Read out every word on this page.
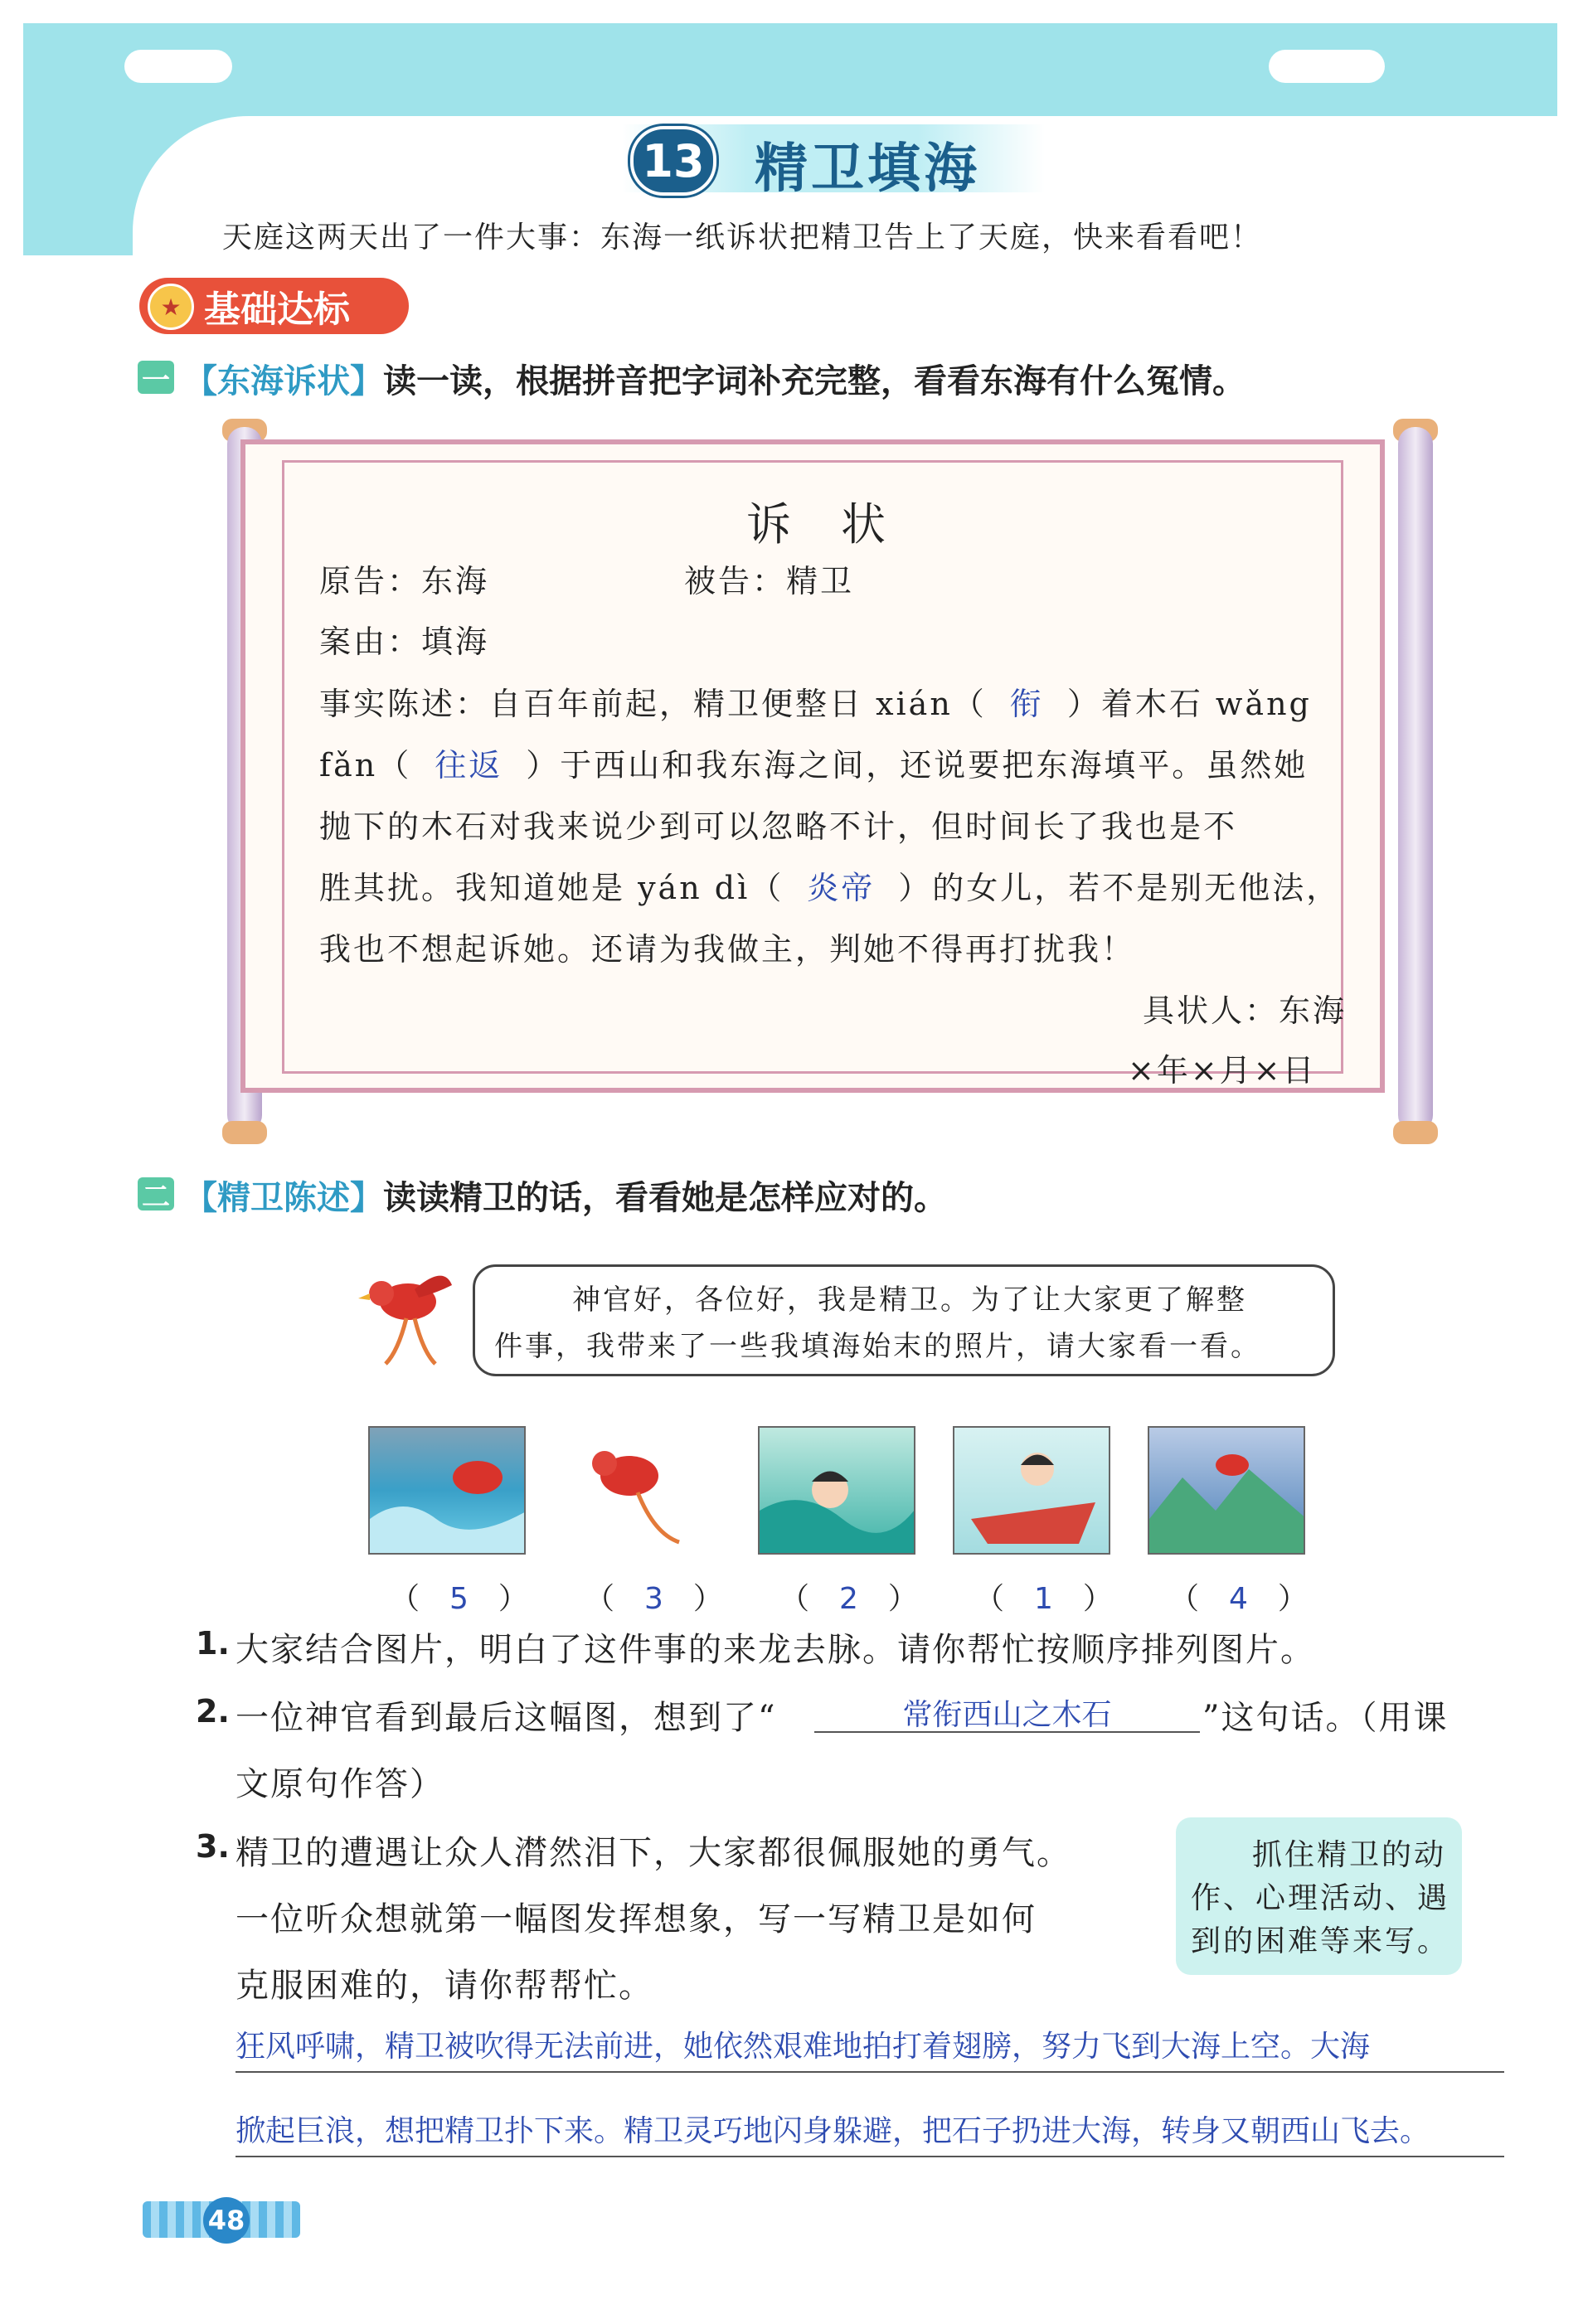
13 精卫填海
天庭这两天出了一件大事：东海一纸诉状把精卫告上了天庭，快来看看吧！
基础达标
★
一 【东海诉状】读一读，根据拼音把字词补充完整，看看东海有什么冤情。
诉　状
原告：东海	被告：精卫
案由：填海
事实陈述：自百年前起，精卫便整日 xián（ 衔 ）着木石 wǎng
fǎn（ 往返 ）于西山和我东海之间，还说要把东海填平。虽然她
抛下的木石对我来说少到可以忽略不计，但时间长了我也是不
胜其扰。我知道她是 yán dì（ 炎帝 ）的女儿，若不是别无他法，
我也不想起诉她。还请为我做主，判她不得再打扰我！
具状人：东海
×年×月×日
二 【精卫陈述】读读精卫的话，看看她是怎样应对的。
神官好，各位好，我是精卫。为了让大家更了解整
件事，我带来了一些我填海始末的照片，请大家看一看。
（　5　） （　3　） （　2　） （　1　） （　4　）
1. 大家结合图片，明白了这件事的来龙去脉。请你帮忙按顺序排列图片。
2. 一位神官看到最后这幅图，想到了“	常衔西山之木石	”这句话。（用课
文原句作答）
3. 精卫的遭遇让众人潸然泪下，大家都很佩服她的勇气。
一位听众想就第一幅图发挥想象，写一写精卫是如何
克服困难的，请你帮帮忙。
抓住精卫的动
作、心理活动、遇
到的困难等来写。
狂风呼啸，精卫被吹得无法前进，她依然艰难地拍打着翅膀，努力飞到大海上空。大海
掀起巨浪，想把精卫扑下来。精卫灵巧地闪身躲避，把石子扔进大海，转身又朝西山飞去。
48
